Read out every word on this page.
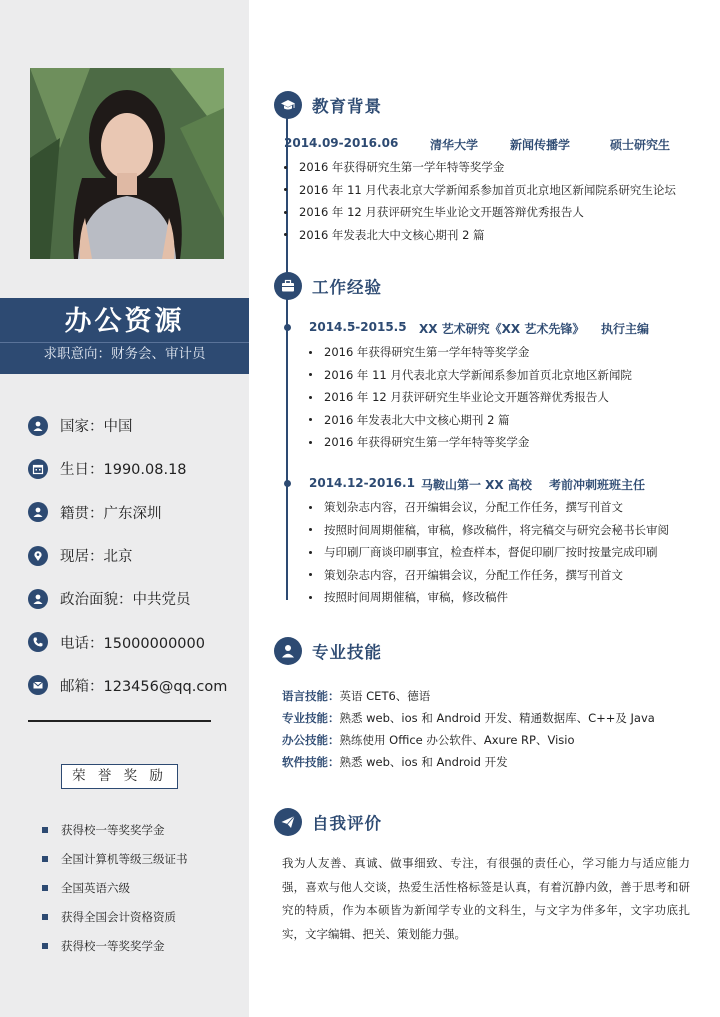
办公资源
求职意向：财务会、审计员
国家：中国
生日：1990.08.18
籍贯：广东深圳
现居：北京
政治面貌：中共党员
电话：15000000000
邮箱：123456@qq.com
荣 誉 奖 励
获得校一等奖奖学金
全国计算机等级三级证书
全国英语六级
获得全国会计资格资质
获得校一等奖奖学金
教育背景
2014.09-2016.06	清华大学	新闻传播学	硕士研究生
2016 年获得研究生第一学年特等奖学金
2016 年 11 月代表北京大学新闻系参加首页北京地区新闻院系研究生论坛
2016 年 12 月获评研究生毕业论文开题答辩优秀报告人
2016 年发表北大中文核心期刊 2 篇
工作经验
2014.5-2015.5	XX 艺术研究《XX 艺术先锋》	执行主编
2016 年获得研究生第一学年特等奖学金
2016 年 11 月代表北京大学新闻系参加首页北京地区新闻院
2016 年 12 月获评研究生毕业论文开题答辩优秀报告人
2016 年发表北大中文核心期刊 2 篇
2016 年获得研究生第一学年特等奖学金
2014.12-2016.1 马鞍山第一 XX 高校	考前冲刺班班主任
策划杂志内容，召开编辑会议，分配工作任务，撰写刊首文
按照时间周期催稿，审稿，修改稿件，将完稿交与研究会秘书长审阅
与印刷厂商谈印刷事宜，检查样本，督促印刷厂按时按量完成印刷
策划杂志内容，召开编辑会议，分配工作任务，撰写刊首文
按照时间周期催稿，审稿，修改稿件
专业技能
语言技能：英语 CET6、德语
专业技能：熟悉 web、ios 和 Android 开发、精通数据库、C++及 Java
办公技能：熟练使用 Office 办公软件、Axure RP、Visio
软件技能：熟悉 web、ios 和 Android 开发
自我评价
我为人友善、真诚、做事细致、专注，有很强的责任心，学习能力与适应能力强，喜欢与他人交谈，热爱生活性格标签是认真，有着沉静内敛，善于思考和研究的特质，作为本硕皆为新闻学专业的文科生，与文字为伴多年，文字功底扎实，文字编辑、把关、策划能力强。
